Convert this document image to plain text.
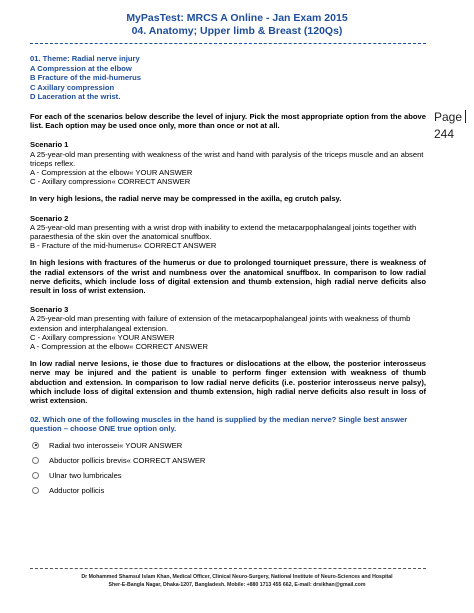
MyPasTest: MRCS A Online - Jan Exam 2015
04. Anatomy; Upper limb & Breast (120Qs)
Page
244
01. Theme: Radial nerve injury
A Compression at the elbow
B Fracture of the mid-humerus
C Axillary compression
D Laceration at the wrist.

For each of the scenarios below describe the level of injury. Pick the most appropriate option from the above list. Each option may be used once only, more than once or not at all.

Scenario 1

A 25-year-old man presenting with weakness of the wrist and hand with paralysis of the triceps muscle and an absent triceps reflex.

A - Compression at the elbow« YOUR ANSWER

C - Axillary compression« CORRECT ANSWER

In very high lesions, the radial nerve may be compressed in the axilla, eg crutch palsy.

Scenario 2

A 25-year-old man presenting with a wrist drop with inability to extend the metacarpophalangeal joints together with paraesthesia of the skin over the anatomical snuffbox.

B - Fracture of the mid-humerus« CORRECT ANSWER

In high lesions with fractures of the humerus or due to prolonged tourniquet pressure, there is weakness of the radial extensors of the wrist and numbness over the anatomical snuffbox. In comparison to low radial nerve deficits, which include loss of digital extension and thumb extension, high radial nerve deficits also result in loss of wrist extension.

Scenario 3

A 25-year-old man presenting with failure of extension of the metacarpophalangeal joints with weakness of thumb extension and interphalangeal extension.

C - Axillary compression« YOUR ANSWER

A - Compression at the elbow« CORRECT ANSWER

In low radial nerve lesions, ie those due to fractures or dislocations at the elbow, the posterior interosseus nerve may be injured and the patient is unable to perform finger extension with weakness of thumb abduction and extension. In comparison to low radial nerve deficits (i.e. posterior interosseus nerve palsy), which include loss of digital extension and thumb extension, high radial nerve deficits also result in loss of wrist extension.

02. Which one of the following muscles in the hand is supplied by the median nerve? Single best answer question – choose ONE true option only.

Radial two interossei« YOUR ANSWER
Abductor pollicis brevis« CORRECT ANSWER
Ulnar two lumbricales
Adductor pollicis
Dr Mohammed Shamsul Islam Khan, Medical Officer, Clinical Neuro-Surgery, National Institute of Neuro-Sciences and Hospital
Sher-E-Bangla Nagar, Dhaka-1207, Bangladesh. Mobile: +880 1713 455 662, E-mail: drsikhan@gmail.com
